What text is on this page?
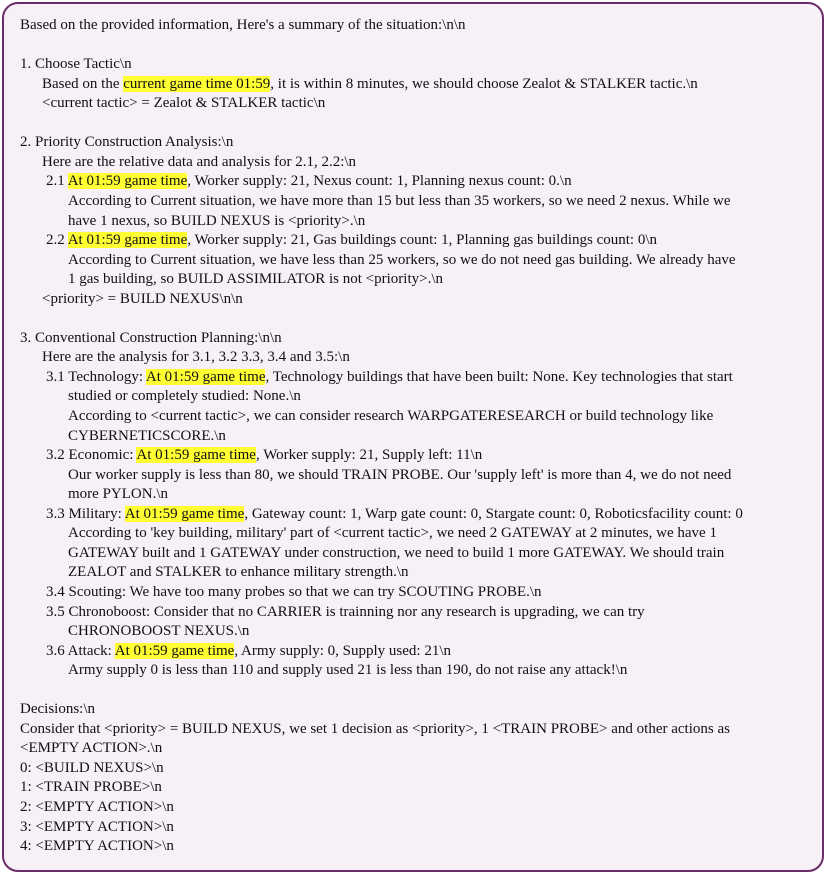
Based on the provided information, Here's a summary of the situation:\n\n
1. Choose Tactic\n
Based on the current game time 01:59, it is within 8 minutes, we should choose Zealot & STALKER tactic.\n
<current tactic> = Zealot & STALKER tactic\n
2. Priority Construction Analysis:\n
Here are the relative data and analysis for 2.1, 2.2:\n
2.1 At 01:59 game time, Worker supply: 21, Nexus count: 1, Planning nexus count: 0.\n
According to Current situation, we have more than 15 but less than 35 workers, so we need 2 nexus. While we
have 1 nexus, so BUILD NEXUS is <priority>.\n
2.2 At 01:59 game time, Worker supply: 21, Gas buildings count: 1, Planning gas buildings count: 0\n
According to Current situation, we have less than 25 workers, so we do not need gas building. We already have
1 gas building, so BUILD ASSIMILATOR is not <priority>.\n
<priority> = BUILD NEXUS\n\n
3. Conventional Construction Planning:\n\n
Here are the analysis for 3.1, 3.2 3.3, 3.4 and 3.5:\n
3.1 Technology: At 01:59 game time, Technology buildings that have been built: None. Key technologies that start
studied or completely studied: None.\n
According to <current tactic>, we can consider research WARPGATERESEARCH or build technology like
CYBERNETICSCORE.\n
3.2 Economic: At 01:59 game time, Worker supply: 21, Supply left: 11\n
Our worker supply is less than 80, we should TRAIN PROBE. Our 'supply left' is more than 4, we do not need
more PYLON.\n
3.3 Military: At 01:59 game time, Gateway count: 1, Warp gate count: 0, Stargate count: 0, Roboticsfacility count: 0
According to 'key building, military' part of <current tactic>, we need 2 GATEWAY at 2 minutes, we have 1
GATEWAY built and 1 GATEWAY under construction, we need to build 1 more GATEWAY. We should train
ZEALOT and STALKER to enhance military strength.\n
3.4 Scouting: We have too many probes so that we can try SCOUTING PROBE.\n
3.5 Chronoboost: Consider that no CARRIER is trainning nor any research is upgrading, we can try
CHRONOBOOST NEXUS.\n
3.6 Attack: At 01:59 game time, Army supply: 0, Supply used: 21\n
Army supply 0 is less than 110 and supply used 21 is less than 190, do not raise any attack!\n
Decisions:\n
Consider that <priority> = BUILD NEXUS, we set 1 decision as <priority>, 1 <TRAIN PROBE> and other actions as
<EMPTY ACTION>.\n
0: <BUILD NEXUS>\n
1: <TRAIN PROBE>\n
2: <EMPTY ACTION>\n
3: <EMPTY ACTION>\n
4: <EMPTY ACTION>\n
